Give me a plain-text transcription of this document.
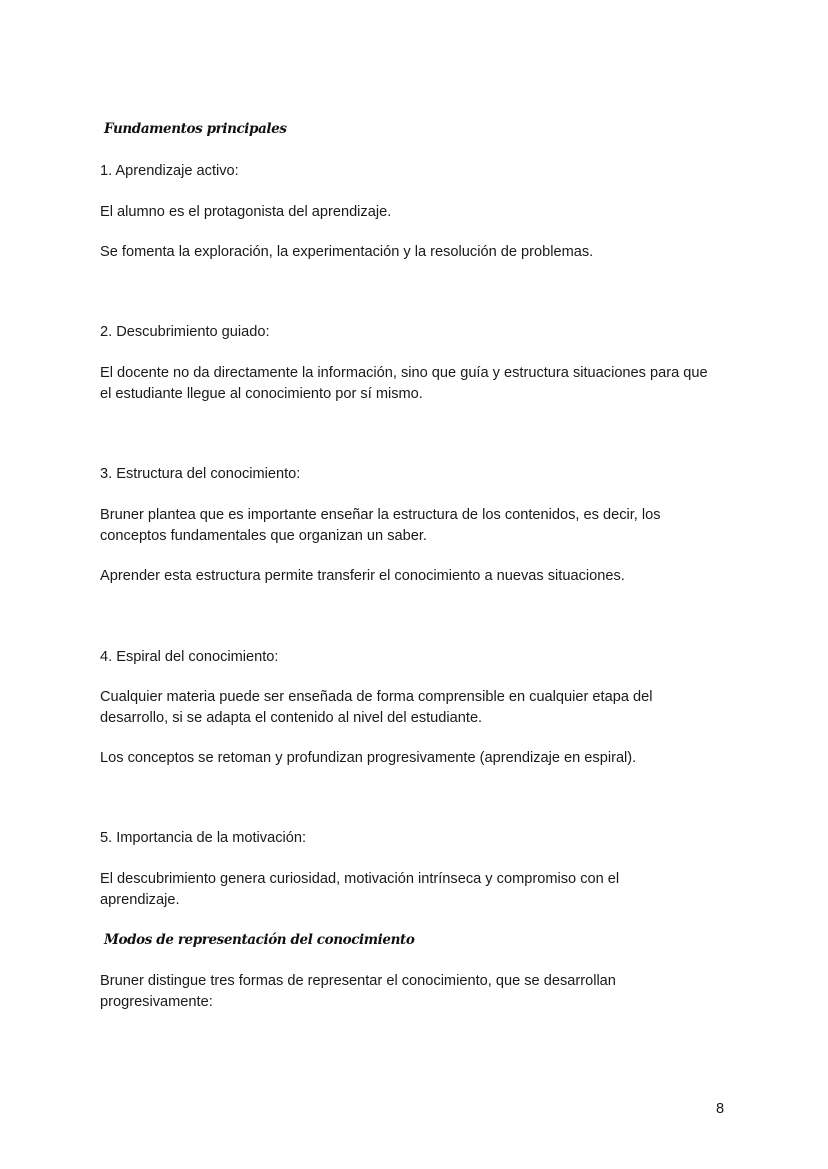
Fundamentos principales

1. Aprendizaje activo:

El alumno es el protagonista del aprendizaje.

Se fomenta la exploración, la experimentación y la resolución de problemas.

2. Descubrimiento guiado:

El docente no da directamente la información, sino que guía y estructura situaciones para que el estudiante llegue al conocimiento por sí mismo.

3. Estructura del conocimiento:

Bruner plantea que es importante enseñar la estructura de los contenidos, es decir, los conceptos fundamentales que organizan un saber.

Aprender esta estructura permite transferir el conocimiento a nuevas situaciones.

4. Espiral del conocimiento:

Cualquier materia puede ser enseñada de forma comprensible en cualquier etapa del desarrollo, si se adapta el contenido al nivel del estudiante.

Los conceptos se retoman y profundizan progresivamente (aprendizaje en espiral).

5. Importancia de la motivación:

El descubrimiento genera curiosidad, motivación intrínseca y compromiso con el aprendizaje.

Modos de representación del conocimiento

Bruner distingue tres formas de representar el conocimiento, que se desarrollan progresivamente:

8
